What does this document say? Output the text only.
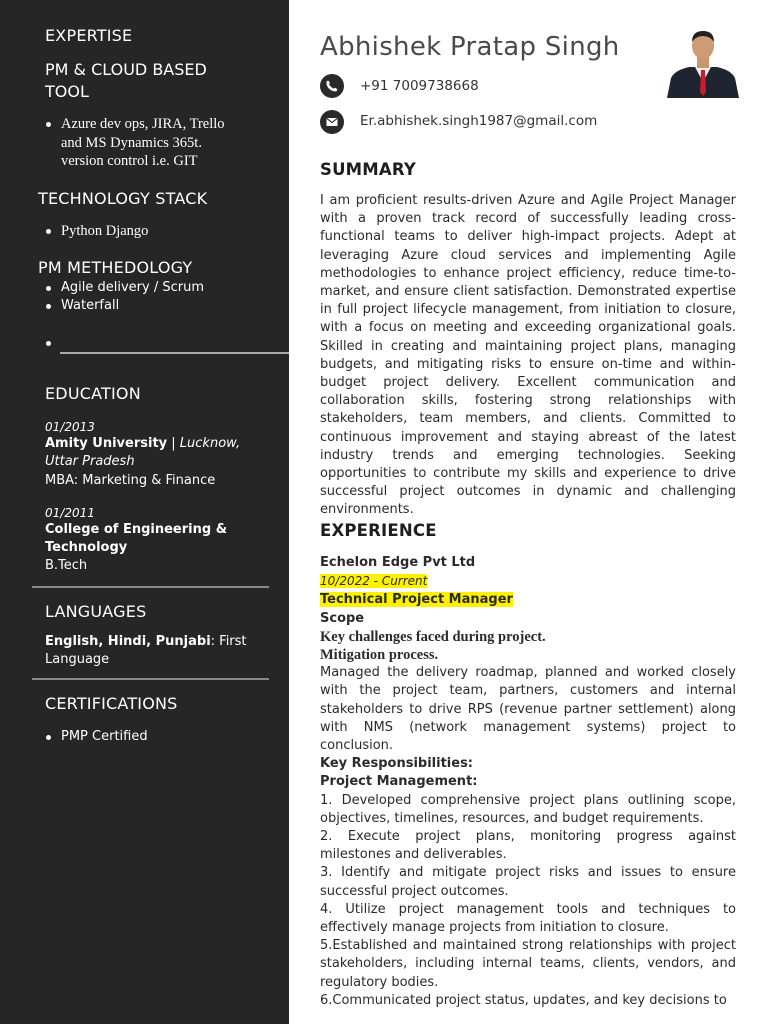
EXPERTISE
PM & CLOUD BASED TOOL
Azure dev ops, JIRA, Trello and MS Dynamics 365t. version control i.e. GIT
TECHNOLOGY STACK
Python Django
PM METHEDOLOGY
Agile delivery / Scrum
Waterfall
EDUCATION
01/2013
Amity University | Lucknow, Uttar Pradesh
MBA: Marketing & Finance
01/2011
College of Engineering & Technology
B.Tech
LANGUAGES
English, Hindi, Punjabi: First Language
CERTIFICATIONS
PMP Certified
Abhishek Pratap Singh
+91 7009738668
Er.abhishek.singh1987@gmail.com
SUMMARY
I am proficient results-driven Azure and Agile Project Manager with a proven track record of successfully leading cross-functional teams to deliver high-impact projects. Adept at leveraging Azure cloud services and implementing Agile methodologies to enhance project efficiency, reduce time-to-market, and ensure client satisfaction. Demonstrated expertise in full project lifecycle management, from initiation to closure, with a focus on meeting and exceeding organizational goals. Skilled in creating and maintaining project plans, managing budgets, and mitigating risks to ensure on-time and within-budget project delivery. Excellent communication and collaboration skills, fostering strong relationships with stakeholders, team members, and clients. Committed to continuous improvement and staying abreast of the latest industry trends and emerging technologies. Seeking opportunities to contribute my skills and experience to drive successful project outcomes in dynamic and challenging environments.
EXPERIENCE
Echelon Edge Pvt Ltd
10/2022 - Current
Technical Project Manager
Scope
Key challenges faced during project.
Mitigation process.
Managed the delivery roadmap, planned and worked closely with the project team, partners, customers and internal stakeholders to drive RPS (revenue partner settlement) along with NMS (network management systems) project to conclusion.
Key Responsibilities:
Project Management:
1. Developed comprehensive project plans outlining scope, objectives, timelines, resources, and budget requirements.
2. Execute project plans, monitoring progress against milestones and deliverables.
3. Identify and mitigate project risks and issues to ensure successful project outcomes.
4. Utilize project management tools and techniques to effectively manage projects from initiation to closure.
5.Established and maintained strong relationships with project stakeholders, including internal teams, clients, vendors, and regulatory bodies.
6.Communicated project status, updates, and key decisions to
